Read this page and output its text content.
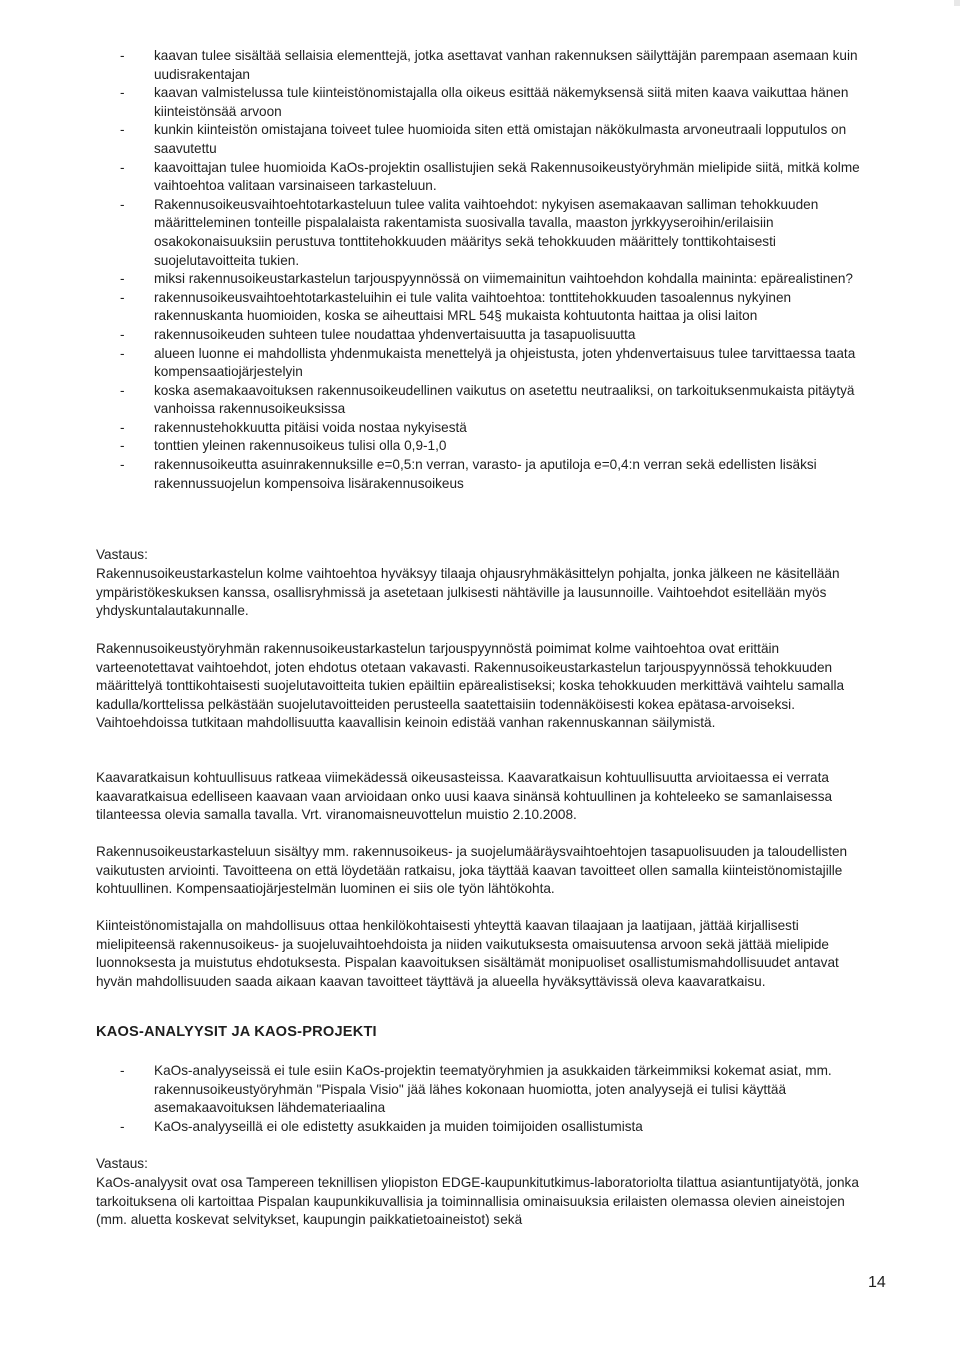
- kaavan tulee sisältää sellaisia elementtejä, jotka asettavat vanhan rakennuksen säilyttäjän parempaan asemaan kuin uudisrakentajan
- kaavan valmistelussa tule kiinteistönomistajalla olla oikeus esittää näkemyksensä siitä miten kaava vaikuttaa hänen kiinteistönsää arvoon
- kunkin kiinteistön omistajana toiveet tulee huomioida siten että omistajan näkökulmasta arvoneutraali lopputulos on saavutettu
- kaavoittajan tulee huomioida KaOs-projektin osallistujien sekä Rakennusoikeustyöryhmän mielipide siitä, mitkä kolme vaihtoehtoa valitaan varsinaiseen tarkasteluun.
- Rakennusoikeusvaihtoehtotarkasteluun tulee valita vaihtoehdot: nykyisen asemakaavan salliman tehokkuuden määritteleminen tonteille pispalalaista rakentamista suosivalla tavalla, maaston jyrkkyyseroihin/erilaisiin osakokonaisuuksiin perustuva tonttitehokkuuden määritys sekä tehokkuuden määrittely tonttikohtaisesti suojelutavoitteita tukien.
- miksi rakennusoikeustarkastelun tarjouspyynnössä on viimemainitun vaihtoehdon kohdalla maininta: epärealistinen?
- rakennusoikeusvaihtoehtotarkasteluihin ei tule valita vaihtoehtoa: tonttitehokkuuden tasoalennus nykyinen rakennuskanta huomioiden, koska se aiheuttaisi MRL 54§ mukaista kohtuutonta haittaa ja olisi laiton
- rakennusoikeuden suhteen tulee noudattaa yhdenvertaisuutta ja tasapuolisuutta
- alueen luonne ei mahdollista yhdenmukaista menettelyä ja ohjeistusta, joten yhdenvertaisuus tulee tarvittaessa taata kompensaatiojärjestelyin
- koska asemakaavoituksen rakennusoikeudellinen vaikutus on asetettu neutraaliksi, on tarkoituksenmukaista pitäytyä vanhoissa rakennusoikeuksissa
- rakennustehokkuutta pitäisi voida nostaa nykyisestä
- tonttien yleinen rakennusoikeus tulisi olla 0,9-1,0
- rakennusoikeutta asuinrakennuksille e=0,5:n verran, varasto- ja aputiloja e=0,4:n verran sekä edellisten lisäksi rakennussuojelun kompensoiva lisärakennusoikeus

Vastaus:

Rakennusoikeustarkastelun kolme vaihtoehtoa hyväksyy tilaaja ohjausryhmäkäsittelyn pohjalta, jonka jälkeen ne käsitellään ympäristökeskuksen kanssa, osallisryhmissä ja asetetaan julkisesti nähtäville ja lausunnoille. Vaihtoehdot esitellään myös yhdyskuntalautakunnalle.

Rakennusoikeustyöryhmän rakennusoikeustarkastelun tarjouspyynnöstä poimimat kolme vaihtoehtoa ovat erittäin varteenotettavat vaihtoehdot, joten ehdotus otetaan vakavasti. Rakennusoikeustarkastelun tarjouspyynnössä tehokkuuden määrittelyä tonttikohtaisesti suojelutavoitteita tukien epäiltiin epärealistiseksi; koska tehokkuuden merkittävä vaihtelu samalla kadulla/korttelissa pelkästään suojelutavoitteiden perusteella saatettaisiin todennäköisesti kokea epätasa-arvoiseksi. Vaihtoehdoissa tutkitaan mahdollisuutta kaavallisin keinoin edistää vanhan rakennuskannan säilymistä.

Kaavaratkaisun kohtuullisuus ratkeaa viimekädessä oikeusasteissa. Kaavaratkaisun kohtuullisuutta arvioitaessa ei verrata kaavaratkaisua edelliseen kaavaan vaan arvioidaan onko uusi kaava sinänsä kohtuullinen ja kohteleeko se samanlaisessa tilanteessa olevia samalla tavalla. Vrt. viranomaisneuvottelun muistio 2.10.2008.

Rakennusoikeustarkasteluun sisältyy mm. rakennusoikeus- ja suojelumääräysvaihtoehtojen tasapuolisuuden ja taloudellisten vaikutusten arviointi. Tavoitteena on että löydetään ratkaisu, joka täyttää kaavan tavoitteet ollen samalla kiinteistönomistajille kohtuullinen. Kompensaatiojärjestelmän luominen ei siis ole työn lähtökohta.

Kiinteistönomistajalla on mahdollisuus ottaa henkilökohtaisesti yhteyttä kaavan tilaajaan ja laatijaan, jättää kirjallisesti mielipiteensä rakennusoikeus- ja suojeluvaihtoehdoista ja niiden vaikutuksesta omaisuutensa arvoon sekä jättää mielipide luonnoksesta ja muistutus ehdotuksesta. Pispalan kaavoituksen sisältämät monipuoliset osallistumismahdollisuudet antavat hyvän mahdollisuuden saada aikaan kaavan tavoitteet täyttävä ja alueella hyväksyttävissä oleva kaavaratkaisu.

KAOS-ANALYYSIT JA KAOS-PROJEKTI
- KaOs-analyyseissä ei tule esiin KaOs-projektin teematyöryhmien ja asukkaiden tärkeimmiksi kokemat asiat, mm. rakennusoikeustyöryhmän "Pispala Visio" jää lähes kokonaan huomiotta, joten analyysejä ei tulisi käyttää asemakaavoituksen lähdemateriaalina
- KaOs-analyyseillä ei ole edistetty asukkaiden ja muiden toimijoiden osallistumista

Vastaus:

KaOs-analyysit ovat osa Tampereen teknillisen yliopiston EDGE-kaupunkitutkimus-laboratoriolta tilattua asiantuntijatyötä, jonka tarkoituksena oli kartoittaa Pispalan kaupunkikuvallisia ja toiminnallisia ominaisuuksia erilaisten olemassa olevien aineistojen (mm. aluetta koskevat selvitykset, kaupungin paikkatietoaineistot) sekä

14
